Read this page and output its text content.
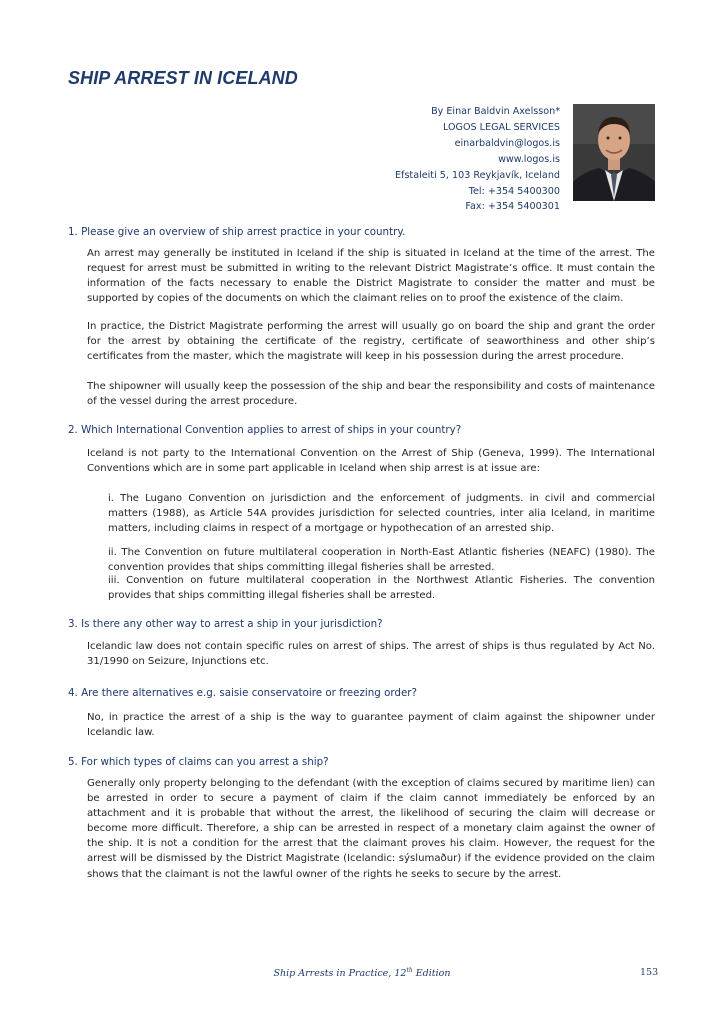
SHIP ARREST IN ICELAND
By Einar Baldvin Axelsson*
LOGOS LEGAL SERVICES
einarbaldvin@logos.is
www.logos.is
Efstaleiti 5, 103 Reykjavík, Iceland
Tel: +354 5400300
Fax: +354 5400301
1. Please give an overview of ship arrest practice in your country.
An arrest may generally be instituted in Iceland if the ship is situated in Iceland at the time of the arrest. The request for arrest must be submitted in writing to the relevant District Magistrate’s office. It must contain the information of the facts necessary to enable the District Magistrate to consider the matter and must be supported by copies of the documents on which the claimant relies on to proof the existence of the claim.
In practice, the District Magistrate performing the arrest will usually go on board the ship and grant the order for the arrest by obtaining the certificate of the registry, certificate of seaworthiness and other ship’s certificates from the master, which the magistrate will keep in his possession during the arrest procedure.
The shipowner will usually keep the possession of the ship and bear the responsibility and costs of maintenance of the vessel during the arrest procedure.
2. Which International Convention applies to arrest of ships in your country?
Iceland is not party to the International Convention on the Arrest of Ship (Geneva, 1999). The International Conventions which are in some part applicable in Iceland when ship arrest is at issue are:
i. The Lugano Convention on jurisdiction and the enforcement of judgments. in civil and commercial matters (1988), as Article 54A provides jurisdiction for selected countries, inter alia Iceland, in maritime matters, including claims in respect of a mortgage or hypothecation of an arrested ship.
ii. The Convention on future multilateral cooperation in North-East Atlantic fisheries (NEAFC) (1980). The convention provides that ships committing illegal fisheries shall be arrested.
iii. Convention on future multilateral cooperation in the Northwest Atlantic Fisheries. The convention provides that ships committing illegal fisheries shall be arrested.
3. Is there any other way to arrest a ship in your jurisdiction?
Icelandic law does not contain specific rules on arrest of ships. The arrest of ships is thus regulated by Act No. 31/1990 on Seizure, Injunctions etc.
4. Are there alternatives e.g. saisie conservatoire or freezing order?
No, in practice the arrest of a ship is the way to guarantee payment of claim against the shipowner under Icelandic law.
5. For which types of claims can you arrest a ship?
Generally only property belonging to the defendant (with the exception of claims secured by maritime lien) can be arrested in order to secure a payment of claim if the claim cannot immediately be enforced by an attachment and it is probable that without the arrest, the likelihood of securing the claim will decrease or become more difficult. Therefore, a ship can be arrested in respect of a monetary claim against the owner of the ship. It is not a condition for the arrest that the claimant proves his claim. However, the request for the arrest will be dismissed by the District Magistrate (Icelandic: sýslumaður) if the evidence provided on the claim shows that the claimant is not the lawful owner of the rights he seeks to secure by the arrest.
Ship Arrests in Practice, 12th Edition	153
